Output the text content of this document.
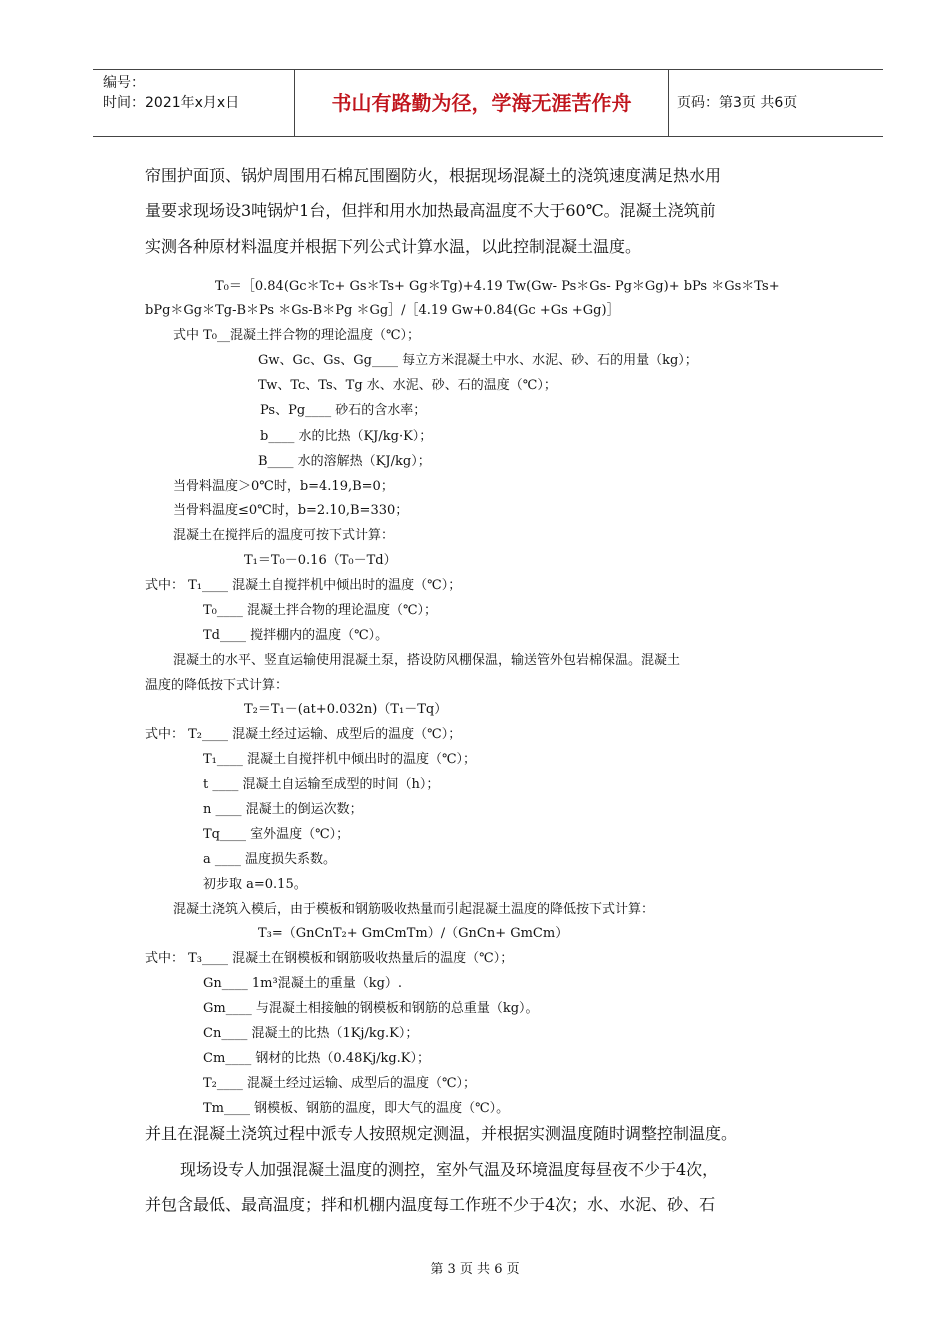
编号：
时间：2021年x月x日	书山有路勤为径，学海无涯苦作舟	页码：第3页 共6页
帘围护面顶、锅炉周围用石棉瓦围圈防火，根据现场混凝土的浇筑速度满足热水用
量要求现场设3吨锅炉1台，但拌和用水加热最高温度不大于60℃。混凝土浇筑前
实测各种原材料温度并根据下列公式计算水温，以此控制混凝土温度。
T₀＝［0.84(Gc＊Tc+ Gs＊Ts+ Gg＊Tg)+4.19 Tw(Gw- Ps＊Gs- Pg＊Gg)+ bPs ＊Gs＊Ts+
bPg＊Gg＊Tg-B＊Ps ＊Gs-B＊Pg ＊Gg］/［4.19 Gw+0.84(Gc +Gs +Gg)］
式中 T₀__混凝土拌合物的理论温度（℃）；
Gw、Gc、Gs、Gg____ 每立方米混凝土中水、水泥、砂、石的用量（kg）；
Tw、Tc、Ts、Tg 水、水泥、砂、石的温度（℃）；
Ps、Pg____ 砂石的含水率；
b____ 水的比热（KJ/kg·K）；
B____ 水的溶解热（KJ/kg）；
当骨料温度＞0℃时，b=4.19,B=0；
当骨料温度≤0℃时，b=2.10,B=330；
混凝土在搅拌后的温度可按下式计算：
T₁＝T₀－0.16（T₀－Td）
式中： T₁____ 混凝土自搅拌机中倾出时的温度（℃）；
T₀____ 混凝土拌合物的理论温度（℃）；
Td____ 搅拌棚内的温度（℃）。
混凝土的水平、竖直运输使用混凝土泵，搭设防风棚保温，输送管外包岩棉保温。混凝土
温度的降低按下式计算：
T₂＝T₁－(at+0.032n)（T₁－Tq）
式中： T₂____ 混凝土经过运输、成型后的温度（℃）；
T₁____ 混凝土自搅拌机中倾出时的温度（℃）；
t ____ 混凝土自运输至成型的时间（h）；
n ____ 混凝土的倒运次数；
Tq____ 室外温度（℃）；
a ____ 温度损失系数。
初步取 a=0.15。
混凝土浇筑入模后，由于模板和钢筋吸收热量而引起混凝土温度的降低按下式计算：
T₃=（GnCnT₂+ GmCmTm）/（GnCn+ GmCm）
式中： T₃____ 混凝土在钢模板和钢筋吸收热量后的温度（℃）；
Gn____ 1m³混凝土的重量（kg）.
Gm____ 与混凝土相接触的钢模板和钢筋的总重量（kg）。
Cn____ 混凝土的比热（1Kj/kg.K）；
Cm____ 钢材的比热（0.48Kj/kg.K）；
T₂____ 混凝土经过运输、成型后的温度（℃）；
Tm____ 钢模板、钢筋的温度，即大气的温度（℃）。
并且在混凝土浇筑过程中派专人按照规定测温，并根据实测温度随时调整控制温度。
现场设专人加强混凝土温度的测控，室外气温及环境温度每昼夜不少于4次，
并包含最低、最高温度；拌和机棚内温度每工作班不少于4次；水、水泥、砂、石
第 3 页 共 6 页
